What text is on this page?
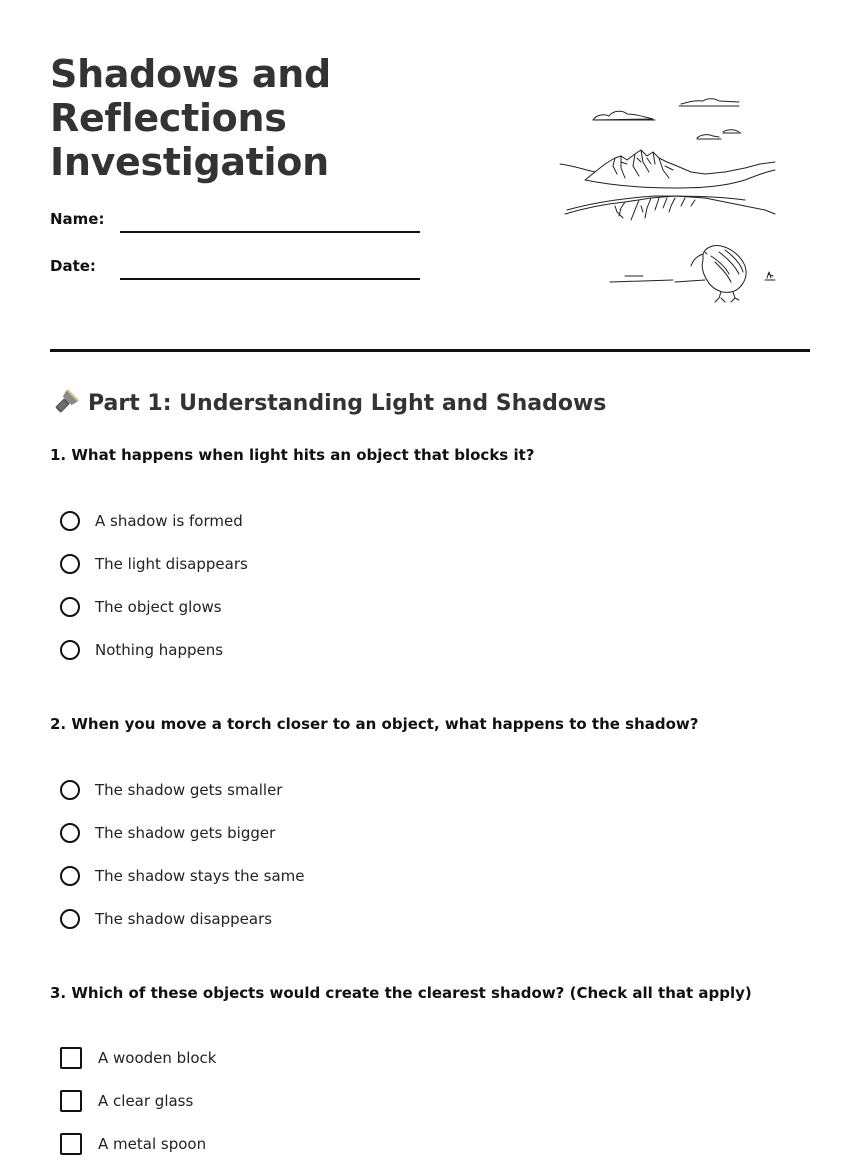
Shadows and
Reflections
Investigation
Name:
Date:
Part 1: Understanding Light and Shadows
1. What happens when light hits an object that blocks it?
A shadow is formed
The light disappears
The object glows
Nothing happens
2. When you move a torch closer to an object, what happens to the shadow?
The shadow gets smaller
The shadow gets bigger
The shadow stays the same
The shadow disappears
3. Which of these objects would create the clearest shadow? (Check all that apply)
A wooden block
A clear glass
A metal spoon
